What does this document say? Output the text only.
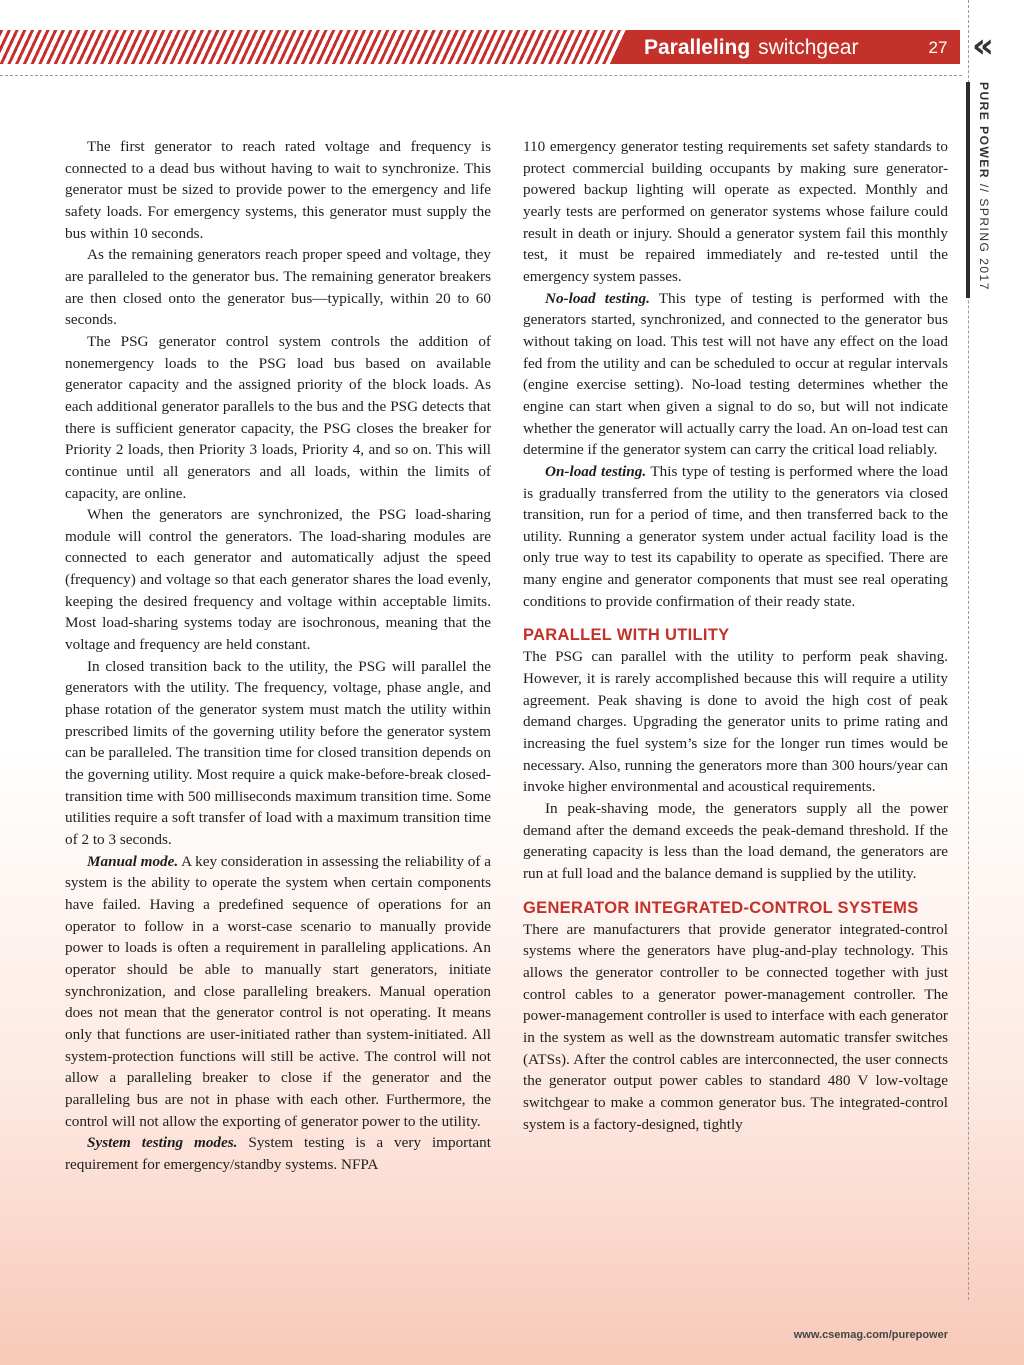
Paralleling switchgear	27 «
PURE POWER // SPRING 2017

The first generator to reach rated voltage and frequency is connected to a dead bus without having to wait to synchronize. This generator must be sized to provide power to the emergency and life safety loads. For emergency systems, this generator must supply the bus within 10 seconds.

As the remaining generators reach proper speed and voltage, they are paralleled to the generator bus. The remaining generator breakers are then closed onto the generator bus—typically, within 20 to 60 seconds.

The PSG generator control system controls the addition of nonemergency loads to the PSG load bus based on available generator capacity and the assigned priority of the block loads. As each additional generator parallels to the bus and the PSG detects that there is sufficient generator capacity, the PSG closes the breaker for Priority 2 loads, then Priority 3 loads, Priority 4, and so on. This will continue until all generators and all loads, within the limits of capacity, are online.

When the generators are synchronized, the PSG load-sharing module will control the generators. The load-sharing modules are connected to each generator and automatically adjust the speed (frequency) and voltage so that each generator shares the load evenly, keeping the desired frequency and voltage within acceptable limits. Most load-sharing systems today are isochronous, meaning that the voltage and frequency are held constant.

In closed transition back to the utility, the PSG will parallel the generators with the utility. The frequency, voltage, phase angle, and phase rotation of the generator system must match the utility within prescribed limits of the governing utility before the generator system can be paralleled. The transition time for closed transition depends on the governing utility. Most require a quick make-before-break closed-transition time with 500 milliseconds maximum transition time. Some utilities require a soft transfer of load with a maximum transition time of 2 to 3 seconds.

Manual mode. A key consideration in assessing the reliability of a system is the ability to operate the system when certain components have failed. Having a predefined sequence of operations for an operator to follow in a worst-case scenario to manually provide power to loads is often a requirement in paralleling applications. An operator should be able to manually start generators, initiate synchronization, and close paralleling breakers. Manual operation does not mean that the generator control is not operating. It means only that functions are user-initiated rather than system-initiated. All system-protection functions will still be active. The control will not allow a paralleling breaker to close if the generator and the paralleling bus are not in phase with each other. Furthermore, the control will not allow the exporting of generator power to the utility.

System testing modes. System testing is a very important requirement for emergency/standby systems. NFPA

110 emergency generator testing requirements set safety standards to protect commercial building occupants by making sure generator-powered backup lighting will operate as expected. Monthly and yearly tests are performed on generator systems whose failure could result in death or injury. Should a generator system fail this monthly test, it must be repaired immediately and re-tested until the emergency system passes.

No-load testing. This type of testing is performed with the generators started, synchronized, and connected to the generator bus without taking on load. This test will not have any effect on the load fed from the utility and can be scheduled to occur at regular intervals (engine exercise setting). No-load testing determines whether the engine can start when given a signal to do so, but will not indicate whether the generator will actually carry the load. An on-load test can determine if the generator system can carry the critical load reliably.

On-load testing. This type of testing is performed where the load is gradually transferred from the utility to the generators via closed transition, run for a period of time, and then transferred back to the utility. Running a generator system under actual facility load is the only true way to test its capability to operate as specified. There are many engine and generator components that must see real operating conditions to provide confirmation of their ready state.

PARALLEL WITH UTILITY

The PSG can parallel with the utility to perform peak shaving. However, it is rarely accomplished because this will require a utility agreement. Peak shaving is done to avoid the high cost of peak demand charges. Upgrading the generator units to prime rating and increasing the fuel system’s size for the longer run times would be necessary. Also, running the generators more than 300 hours/year can invoke higher environmental and acoustical requirements.

In peak-shaving mode, the generators supply all the power demand after the demand exceeds the peak-demand threshold. If the generating capacity is less than the load demand, the generators are run at full load and the balance demand is supplied by the utility.

GENERATOR INTEGRATED-CONTROL SYSTEMS

There are manufacturers that provide generator integrated-control systems where the generators have plug-and-play technology. This allows the generator controller to be connected together with just control cables to a generator power-management controller. The power-management controller is used to interface with each generator in the system as well as the downstream automatic transfer switches (ATSs). After the control cables are interconnected, the user connects the generator output power cables to standard 480 V low-voltage switchgear to make a common generator bus. The integrated-control system is a factory-designed, tightly

www.csemag.com/purepower
